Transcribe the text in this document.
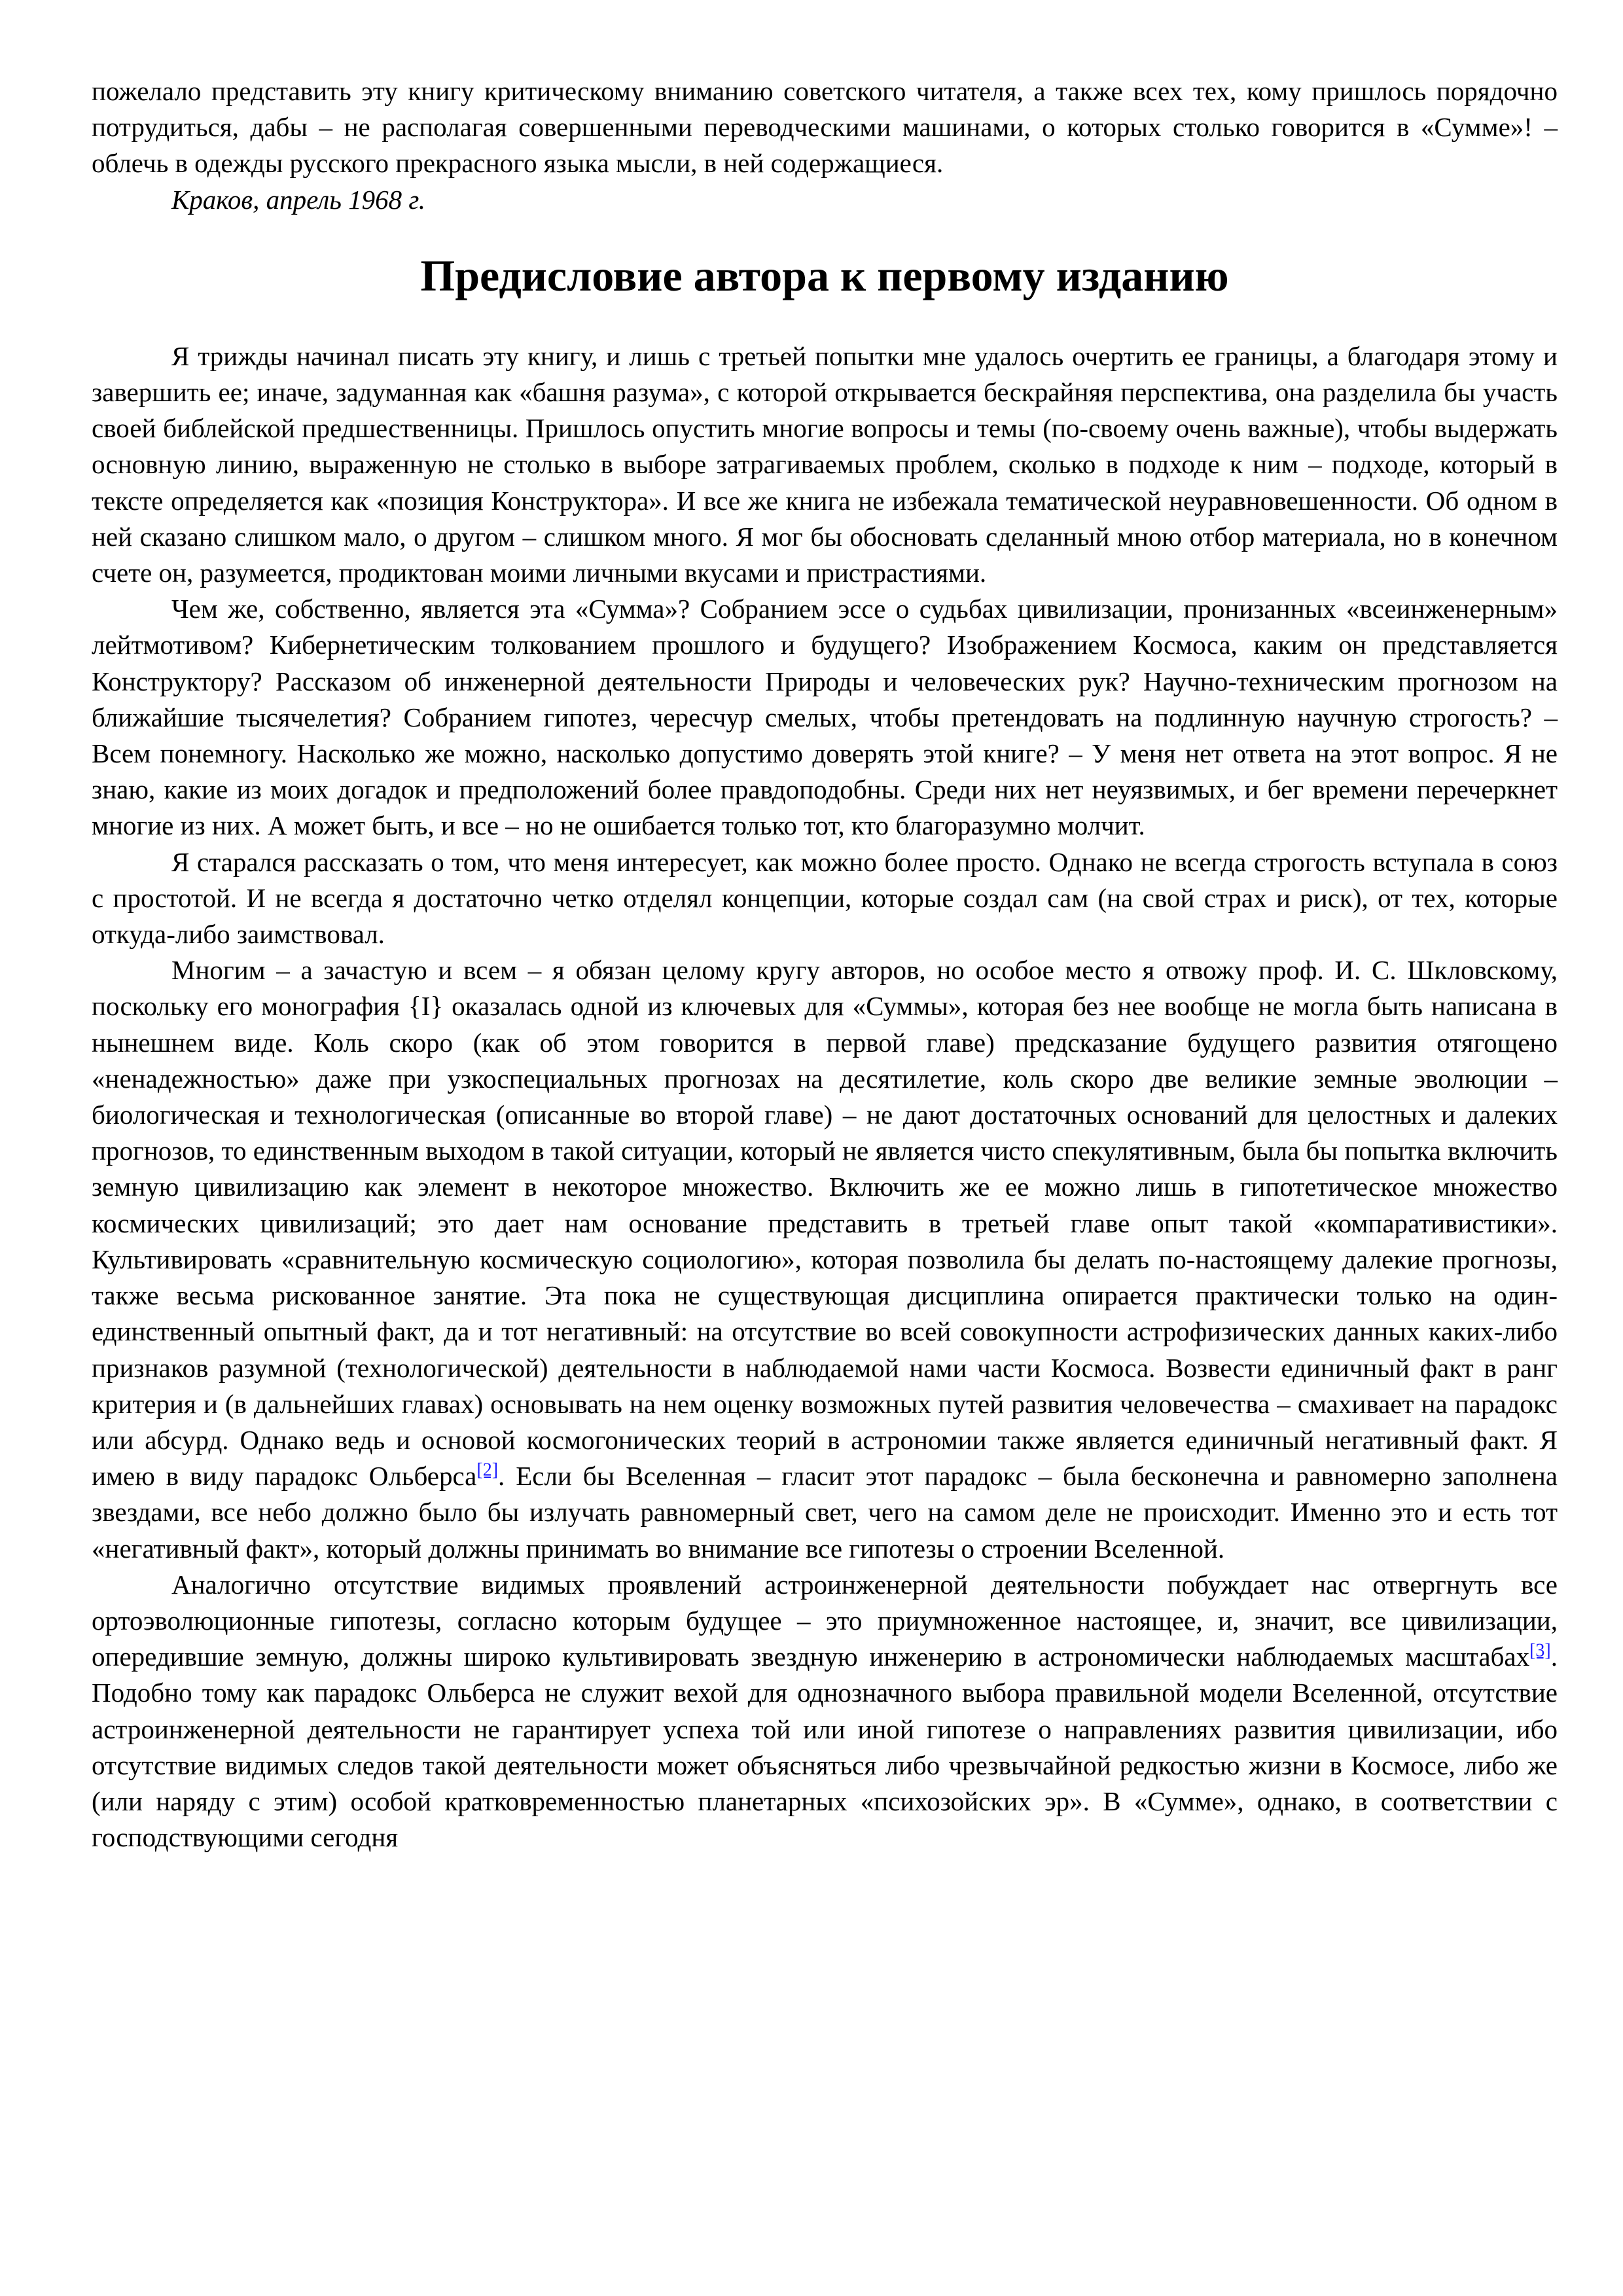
пожелало представить эту книгу критическому вниманию советского читателя, а также всех тех, кому пришлось порядочно потрудиться, дабы – не располагая совершенными переводческими машинами, о которых столько говорится в «Сумме»! – облечь в одежды русского прекрасного языка мысли, в ней содержащиеся.

Краков, апрель 1968 г.

Предисловие автора к первому изданию

Я трижды начинал писать эту книгу, и лишь с третьей попытки мне удалось очертить ее границы, а благодаря этому и завершить ее; иначе, задуманная как «башня разума», с которой открывается бескрайняя перспектива, она разделила бы участь своей библейской предшественницы. Пришлось опустить многие вопросы и темы (по-своему очень важные), чтобы выдержать основную линию, выраженную не столько в выборе затрагиваемых проблем, сколько в подходе к ним – подходе, который в тексте определяется как «позиция Конструктора». И все же книга не избежала тематической неуравновешенности. Об одном в ней сказано слишком мало, о другом – слишком много. Я мог бы обосновать сделанный мною отбор материала, но в конечном счете он, разумеется, продиктован моими личными вкусами и пристрастиями.

Чем же, собственно, является эта «Сумма»? Собранием эссе о судьбах цивилизации, пронизанных «всеинженерным» лейтмотивом? Кибернетическим толкованием прошлого и будущего? Изображением Космоса, каким он представляется Конструктору? Рассказом об инженерной деятельности Природы и человеческих рук? Научно-техническим прогнозом на ближайшие тысячелетия? Собранием гипотез, чересчур смелых, чтобы претендовать на подлинную научную строгость? – Всем понемногу. Насколько же можно, насколько допустимо доверять этой книге? – У меня нет ответа на этот вопрос. Я не знаю, какие из моих догадок и предположений более правдоподобны. Среди них нет неуязвимых, и бег времени перечеркнет многие из них. А может быть, и все – но не ошибается только тот, кто благоразумно молчит.

Я старался рассказать о том, что меня интересует, как можно более просто. Однако не всегда строгость вступала в союз с простотой. И не всегда я достаточно четко отделял концепции, которые создал сам (на свой страх и риск), от тех, которые откуда-либо заимствовал.

Многим – а зачастую и всем – я обязан целому кругу авторов, но особое место я отвожу проф. И. С. Шкловскому, поскольку его монография {I} оказалась одной из ключевых для «Суммы», которая без нее вообще не могла быть написана в нынешнем виде. Коль скоро (как об этом говорится в первой главе) предсказание будущего развития отягощено «ненадежностью» даже при узкоспециальных прогнозах на десятилетие, коль скоро две великие земные эволюции – биологическая и технологическая (описанные во второй главе) – не дают достаточных оснований для целостных и далеких прогнозов, то единственным выходом в такой ситуации, который не является чисто спекулятивным, была бы попытка включить земную цивилизацию как элемент в некоторое множество. Включить же ее можно лишь в гипотетическое множество космических цивилизаций; это дает нам основание представить в третьей главе опыт такой «компаративистики». Культивировать «сравнительную космическую социологию», которая позволила бы делать по-настоящему далекие прогнозы, также весьма рискованное занятие. Эта пока не существующая дисциплина опирается практически только на один-единственный опытный факт, да и тот негативный: на отсутствие во всей совокупности астрофизических данных каких-либо признаков разумной (технологической) деятельности в наблюдаемой нами части Космоса. Возвести единичный факт в ранг критерия и (в дальнейших главах) основывать на нем оценку возможных путей развития человечества – смахивает на парадокс или абсурд. Однако ведь и основой космогонических теорий в астрономии также является единичный негативный факт. Я имею в виду парадокс Ольберса[2]. Если бы Вселенная – гласит этот парадокс – была бесконечна и равномерно заполнена звездами, все небо должно было бы излучать равномерный свет, чего на самом деле не происходит. Именно это и есть тот «негативный факт», который должны принимать во внимание все гипотезы о строении Вселенной.

Аналогично отсутствие видимых проявлений астроинженерной деятельности побуждает нас отвергнуть все ортоэволюционные гипотезы, согласно которым будущее – это приумноженное настоящее, и, значит, все цивилизации, опередившие земную, должны широко культивировать звездную инженерию в астрономически наблюдаемых масштабах[3]. Подобно тому как парадокс Ольберса не служит вехой для однозначного выбора правильной модели Вселенной, отсутствие астроинженерной деятельности не гарантирует успеха той или иной гипотезе о направлениях развития цивилизации, ибо отсутствие видимых следов такой деятельности может объясняться либо чрезвычайной редкостью жизни в Космосе, либо же (или наряду с этим) особой кратковременностью планетарных «психозойских эр». В «Сумме», однако, в соответствии с господствующими сегодня
